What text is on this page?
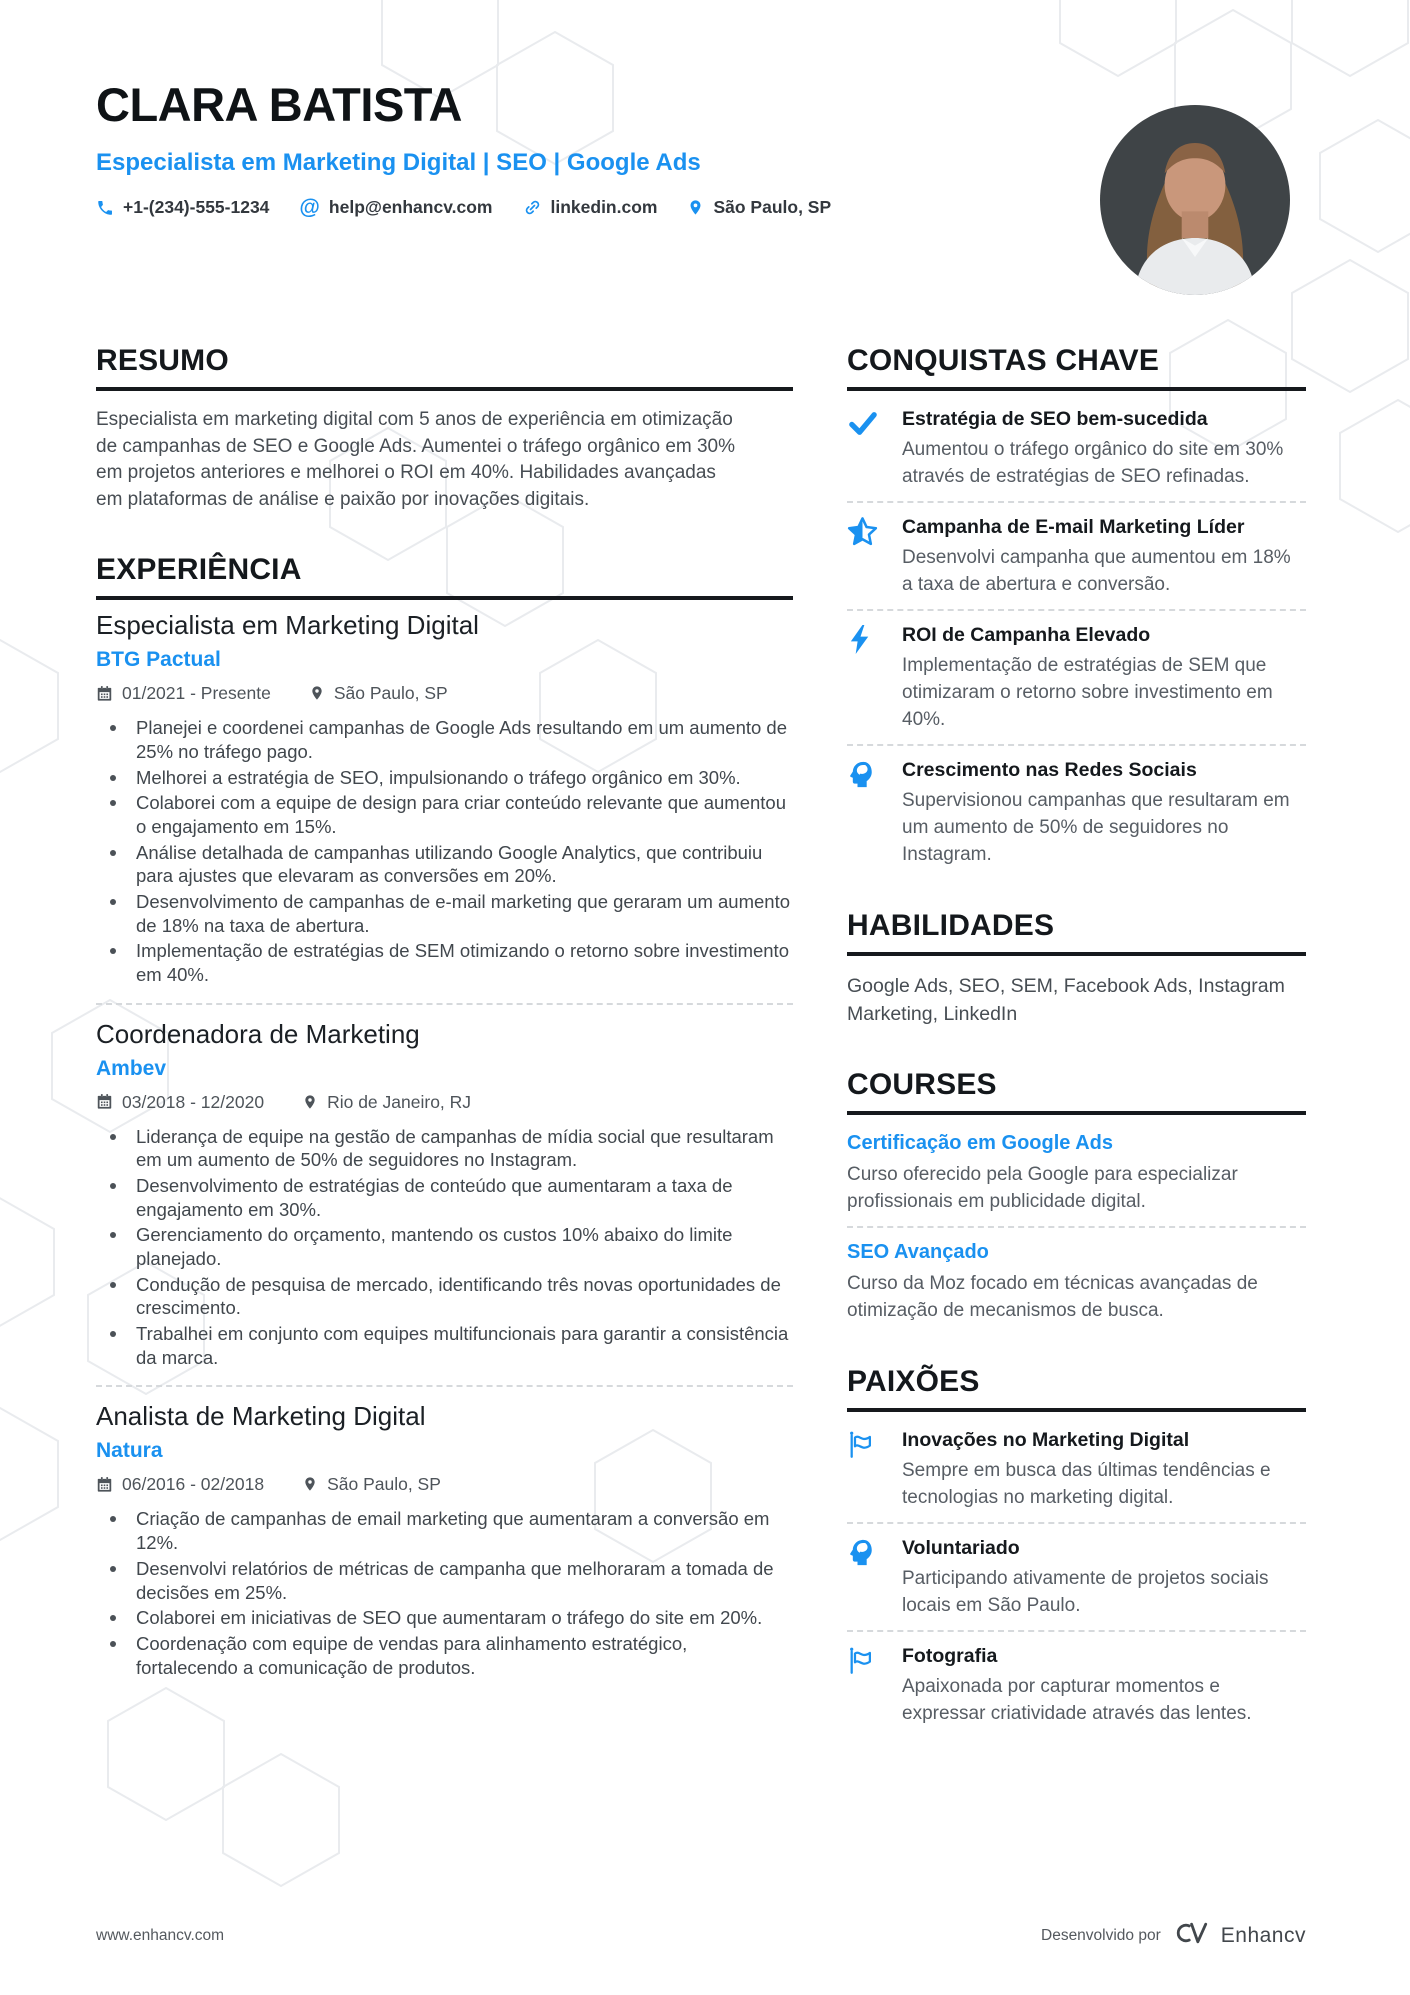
CLARA BATISTA
Especialista em Marketing Digital | SEO | Google Ads
+1-(234)-555-1234 @ help@enhancv.com	linkedin.com	São Paulo, SP
RESUMO
Especialista em marketing digital com 5 anos de experiência em otimização de campanhas de SEO e Google Ads. Aumentei o tráfego orgânico em 30% em projetos anteriores e melhorei o ROI em 40%. Habilidades avançadas em plataformas de análise e paixão por inovações digitais.
EXPERIÊNCIA
Especialista em Marketing Digital
BTG Pactual
01/2021 - Presente	São Paulo, SP
Planejei e coordenei campanhas de Google Ads resultando em um aumento de 25% no tráfego pago.
Melhorei a estratégia de SEO, impulsionando o tráfego orgânico em 30%.
Colaborei com a equipe de design para criar conteúdo relevante que aumentou o engajamento em 15%.
Análise detalhada de campanhas utilizando Google Analytics, que contribuiu para ajustes que elevaram as conversões em 20%.
Desenvolvimento de campanhas de e-mail marketing que geraram um aumento de 18% na taxa de abertura.
Implementação de estratégias de SEM otimizando o retorno sobre investimento em 40%.
Coordenadora de Marketing
Ambev
03/2018 - 12/2020	Rio de Janeiro, RJ
Liderança de equipe na gestão de campanhas de mídia social que resultaram em um aumento de 50% de seguidores no Instagram.
Desenvolvimento de estratégias de conteúdo que aumentaram a taxa de engajamento em 30%.
Gerenciamento do orçamento, mantendo os custos 10% abaixo do limite planejado.
Condução de pesquisa de mercado, identificando três novas oportunidades de crescimento.
Trabalhei em conjunto com equipes multifuncionais para garantir a consistência da marca.
Analista de Marketing Digital
Natura
06/2016 - 02/2018	São Paulo, SP
Criação de campanhas de email marketing que aumentaram a conversão em 12%.
Desenvolvi relatórios de métricas de campanha que melhoraram a tomada de decisões em 25%.
Colaborei em iniciativas de SEO que aumentaram o tráfego do site em 20%.
Coordenação com equipe de vendas para alinhamento estratégico, fortalecendo a comunicação de produtos.
CONQUISTAS CHAVE
Estratégia de SEO bem-sucedida
Aumentou o tráfego orgânico do site em 30% através de estratégias de SEO refinadas.
Campanha de E-mail Marketing Líder
Desenvolvi campanha que aumentou em 18% a taxa de abertura e conversão.
ROI de Campanha Elevado
Implementação de estratégias de SEM que otimizaram o retorno sobre investimento em 40%.
Crescimento nas Redes Sociais
Supervisionou campanhas que resultaram em um aumento de 50% de seguidores no Instagram.
HABILIDADES
Google Ads, SEO, SEM, Facebook Ads, Instagram Marketing, LinkedIn
COURSES
Certificação em Google Ads
Curso oferecido pela Google para especializar profissionais em publicidade digital.
SEO Avançado
Curso da Moz focado em técnicas avançadas de otimização de mecanismos de busca.
PAIXÕES
Inovações no Marketing Digital
Sempre em busca das últimas tendências e tecnologias no marketing digital.
Voluntariado
Participando ativamente de projetos sociais locais em São Paulo.
Fotografia
Apaixonada por capturar momentos e expressar criatividade através das lentes.
www.enhancv.com	Desenvolvido por	Enhancv
